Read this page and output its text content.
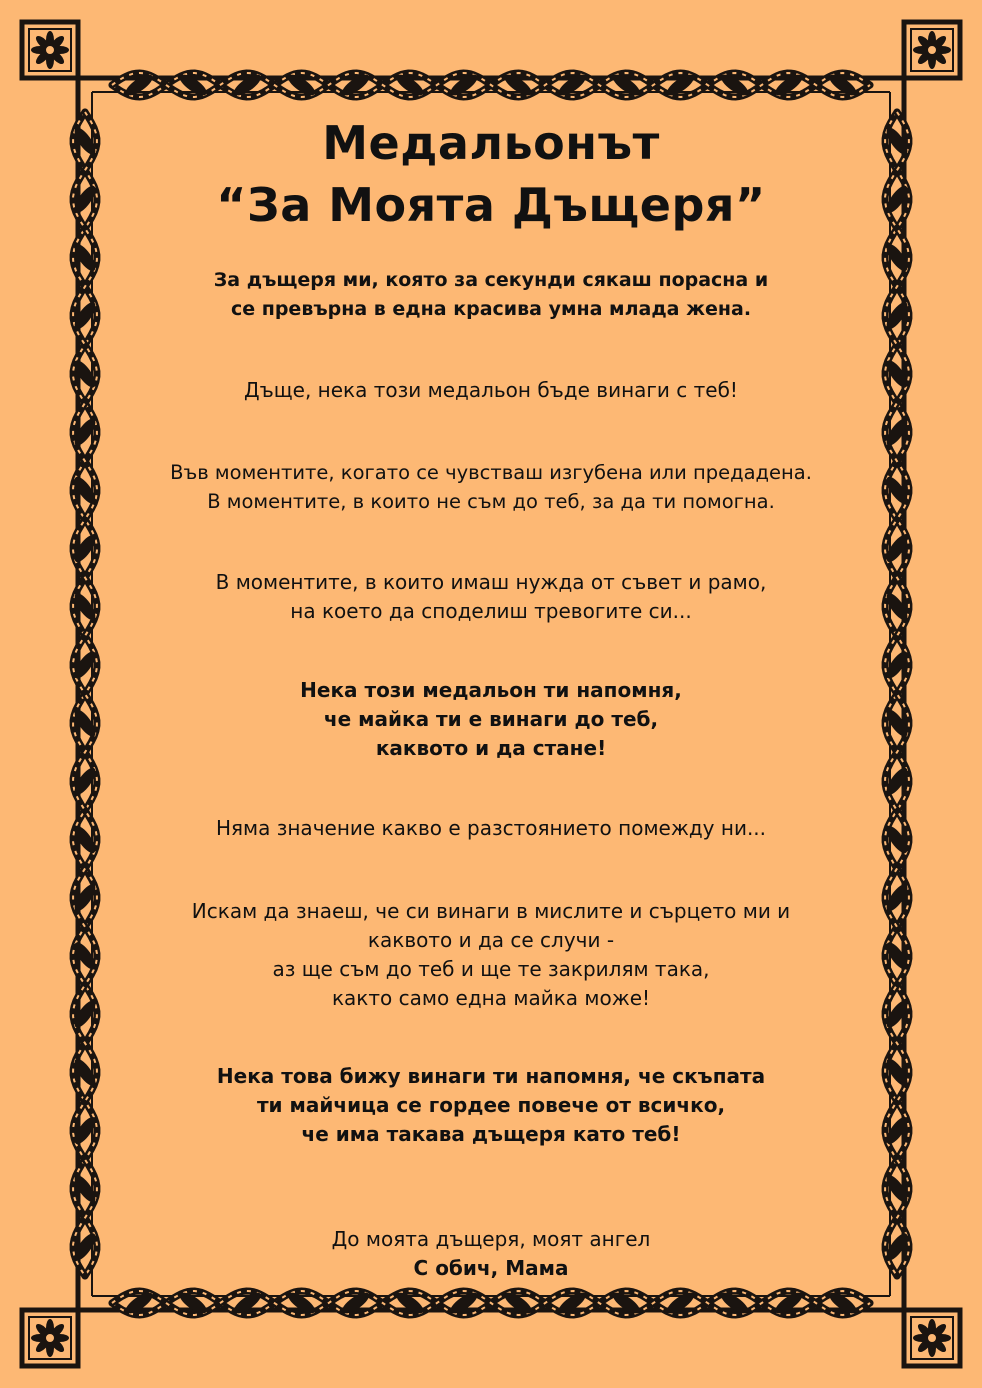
Медальонът
“За Моята Дъщеря”
За дъщеря ми, която за секунди сякаш порасна и
се превърна в една красива умна млада жена.
Дъще, нека този медальон бъде винаги с теб!
Във моментите, когато се чувстваш изгубена или предадена.
В моментите, в които не съм до теб, за да ти помогна.
В моментите, в които имаш нужда от съвет и рамо,
на което да споделиш тревогите си...
Нека този медальон ти напомня,
че майка ти е винаги до теб,
каквото и да стане!
Няма значение какво е разстоянието помежду ни...
Искам да знаеш, че си винаги в мислите и сърцето ми и
каквото и да се случи -
аз ще съм до теб и ще те закрилям така,
както само една майка може!
Нека това бижу винаги ти напомня, че скъпата
ти майчица се гордее повече от всичко,
че има такава дъщеря като теб!
До моята дъщеря, моят ангел
С обич, Мама
